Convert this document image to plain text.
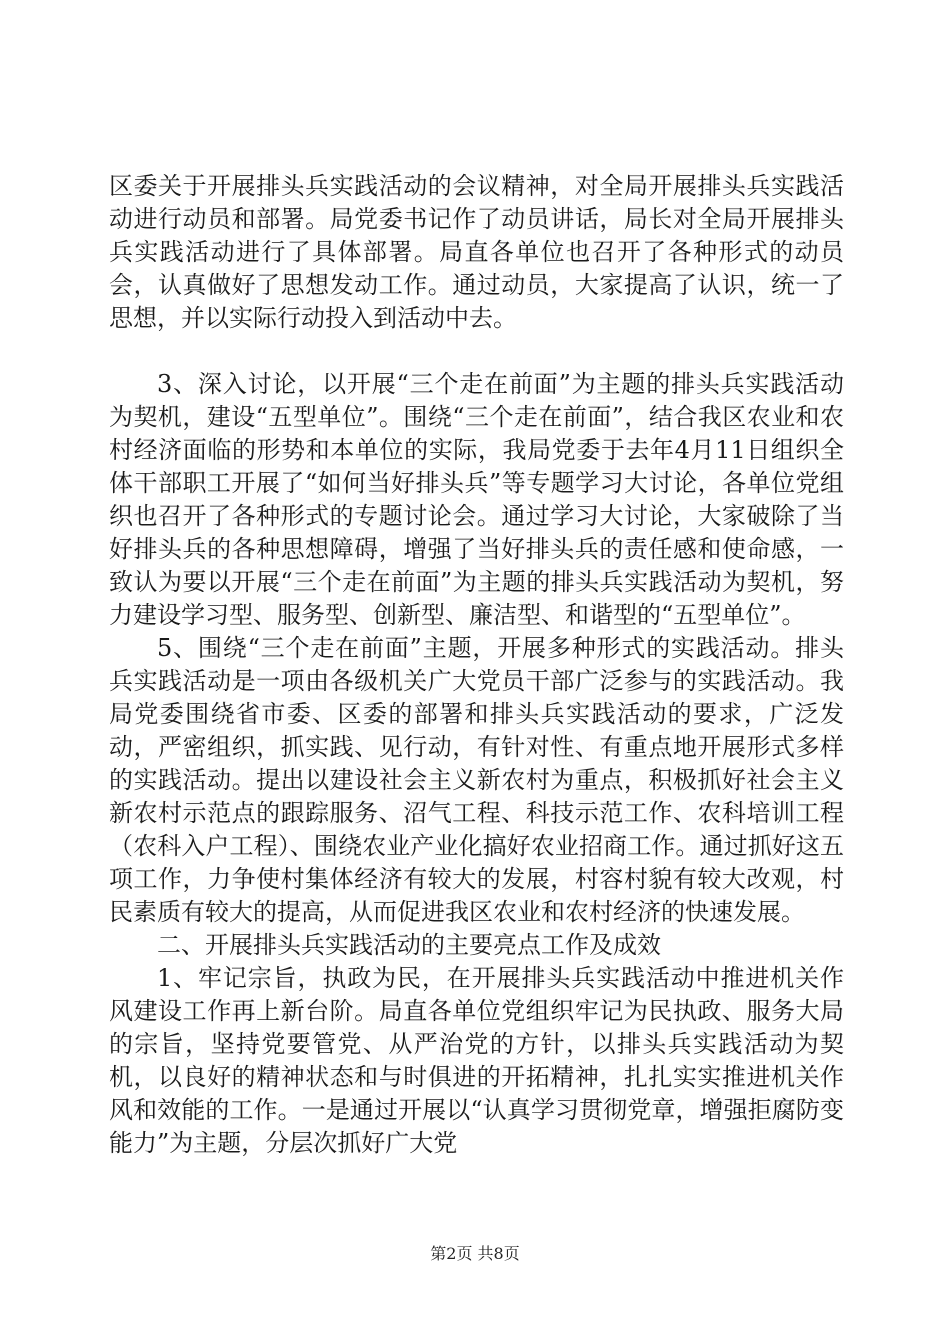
区委关于开展排头兵实践活动的会议精神，对全局开展排头兵实践活动进行动员和部署。局党委书记作了动员讲话，局长对全局开展排头兵实践活动进行了具体部署。局直各单位也召开了各种形式的动员会，认真做好了思想发动工作。通过动员，大家提高了认识，统一了思想，并以实际行动投入到活动中去。

3、深入讨论，以开展“三个走在前面”为主题的排头兵实践活动为契机，建设“五型单位”。围绕“三个走在前面”，结合我区农业和农村经济面临的形势和本单位的实际，我局党委于去年4月11日组织全体干部职工开展了“如何当好排头兵”等专题学习大讨论，各单位党组织也召开了各种形式的专题讨论会。通过学习大讨论，大家破除了当好排头兵的各种思想障碍，增强了当好排头兵的责任感和使命感，一致认为要以开展“三个走在前面”为主题的排头兵实践活动为契机，努力建设学习型、服务型、创新型、廉洁型、和谐型的“五型单位”。

5、围绕“三个走在前面”主题，开展多种形式的实践活动。排头兵实践活动是一项由各级机关广大党员干部广泛参与的实践活动。我局党委围绕省市委、区委的部署和排头兵实践活动的要求，广泛发动，严密组织，抓实践、见行动，有针对性、有重点地开展形式多样的实践活动。提出以建设社会主义新农村为重点，积极抓好社会主义新农村示范点的跟踪服务、沼气工程、科技示范工作、农科培训工程（农科入户工程）、围绕农业产业化搞好农业招商工作。通过抓好这五项工作，力争使村集体经济有较大的发展，村容村貌有较大改观，村民素质有较大的提高，从而促进我区农业和农村经济的快速发展。

二、开展排头兵实践活动的主要亮点工作及成效

1、牢记宗旨，执政为民，在开展排头兵实践活动中推进机关作风建设工作再上新台阶。局直各单位党组织牢记为民执政、服务大局的宗旨，坚持党要管党、从严治党的方针，以排头兵实践活动为契机，以良好的精神状态和与时俱进的开拓精神，扎扎实实推进机关作风和效能的工作。一是通过开展以“认真学习贯彻党章，增强拒腐防变能力”为主题，分层次抓好广大党

第2页 共8页
